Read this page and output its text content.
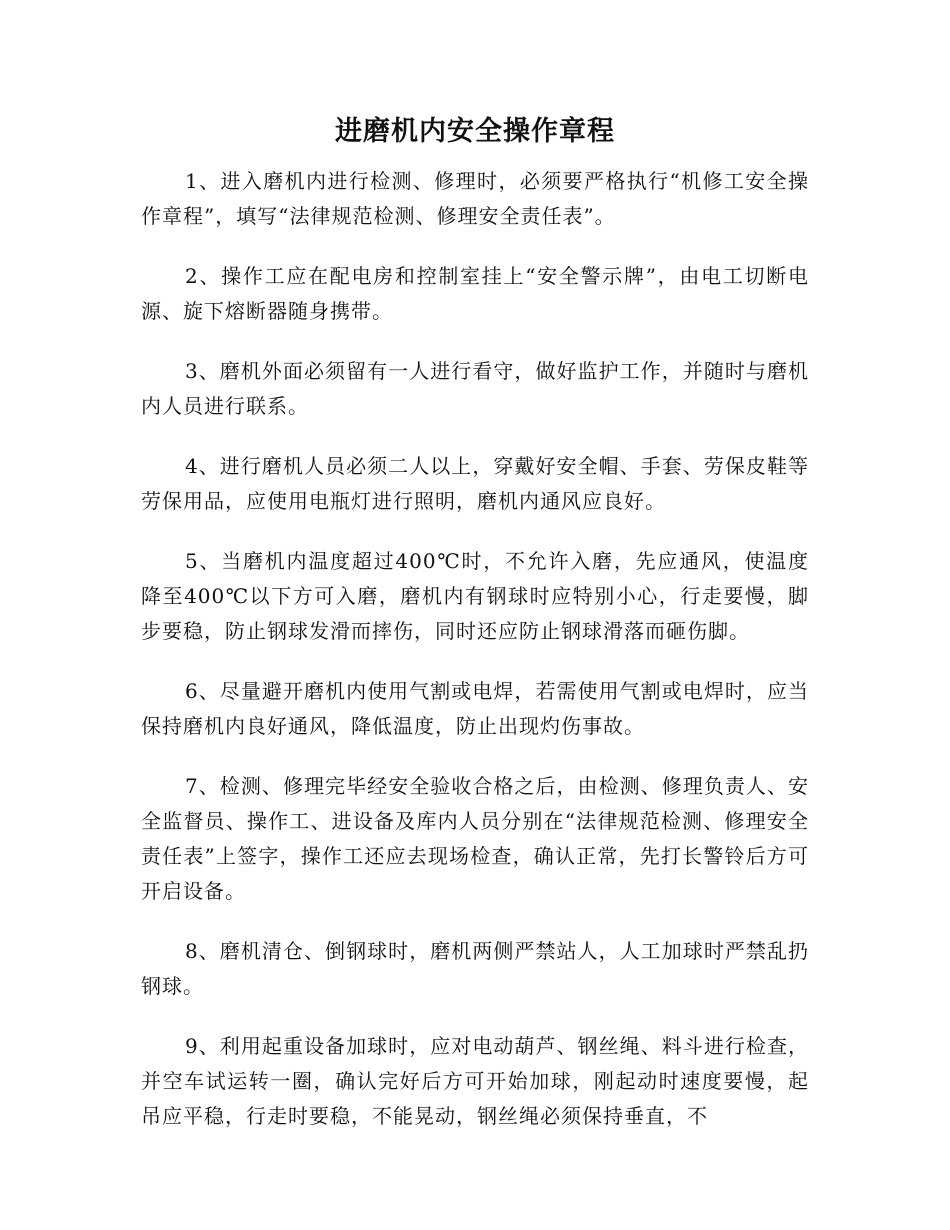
进磨机内安全操作章程

1、进入磨机内进行检测、修理时，必须要严格执行“机修工安全操作章程”，填写“法律规范检测、修理安全责任表”。

2、操作工应在配电房和控制室挂上“安全警示牌”，由电工切断电源、旋下熔断器随身携带。

3、磨机外面必须留有一人进行看守，做好监护工作，并随时与磨机内人员进行联系。

4、进行磨机人员必须二人以上，穿戴好安全帽、手套、劳保皮鞋等劳保用品，应使用电瓶灯进行照明，磨机内通风应良好。

5、当磨机内温度超过400℃时，不允许入磨，先应通风，使温度降至400℃以下方可入磨，磨机内有钢球时应特别小心，行走要慢，脚步要稳，防止钢球发滑而摔伤，同时还应防止钢球滑落而砸伤脚。

6、尽量避开磨机内使用气割或电焊，若需使用气割或电焊时，应当保持磨机内良好通风，降低温度，防止出现灼伤事故。

7、检测、修理完毕经安全验收合格之后，由检测、修理负责人、安全监督员、操作工、进设备及库内人员分别在“法律规范检测、修理安全责任表”上签字，操作工还应去现场检查，确认正常，先打长警铃后方可开启设备。

8、磨机清仓、倒钢球时，磨机两侧严禁站人，人工加球时严禁乱扔钢球。

9、利用起重设备加球时，应对电动葫芦、钢丝绳、料斗进行检查，并空车试运转一圈，确认完好后方可开始加球，刚起动时速度要慢，起吊应平稳，行走时要稳，不能晃动，钢丝绳必须保持垂直，不
